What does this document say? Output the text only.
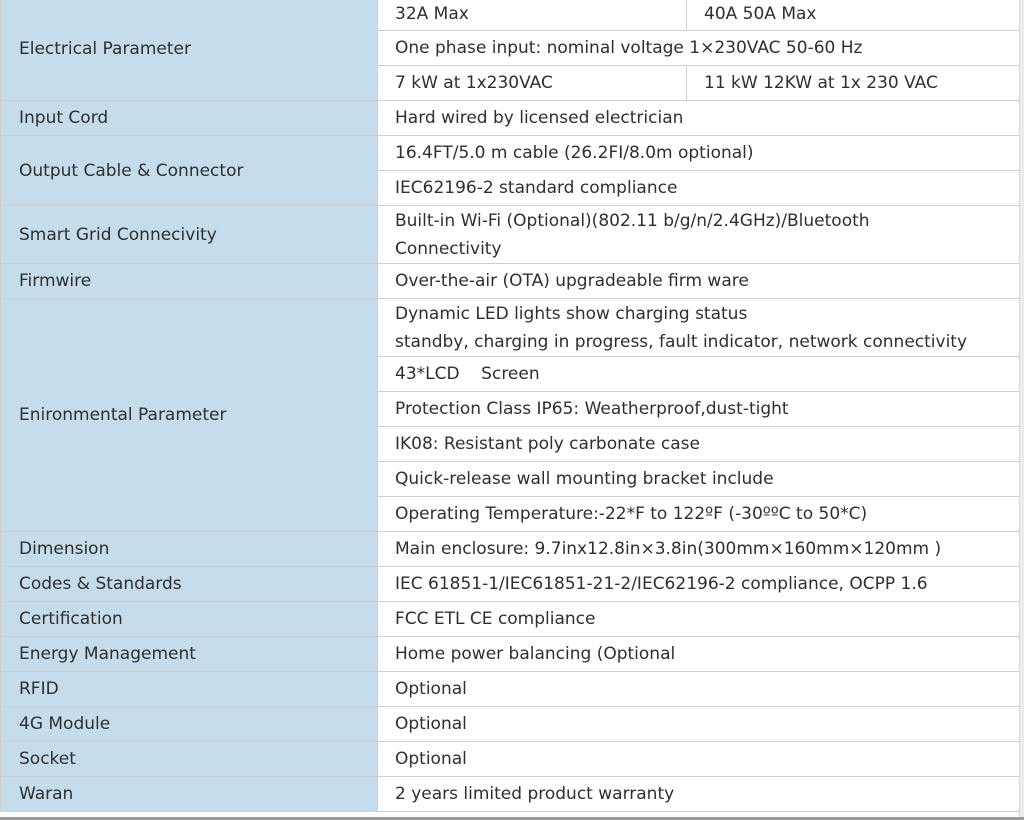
Electrical Parameter	32A Max	40A 50A Max
	One phase input: nominal voltage 1×230VAC 50-60 Hz	
	7 kW at 1x230VAC	11 kW 12KW at 1x 230 VAC
Input Cord	Hard wired by licensed electrician	
Output Cable & Connector	16.4FT/5.0 m cable (26.2FI/8.0m optional)	
	IEC62196-2 standard compliance	
Smart Grid Connecivity	Built-in Wi-Fi (Optional)(802.11 b/g/n/2.4GHz)/Bluetooth
Connectivity	

Firmwire	Over-the-air (OTA) upgradeable firm ware	
Enironmental Parameter	Dynamic LED lights show charging status
standby, charging in progress, fault indicator, network connectivity	

	43*LCD    Screen	
	Protection Class IP65: Weatherproof,dust-tight	
	IK08: Resistant poly carbonate case	
	Quick-release wall mounting bracket include	
	Operating Temperature:-22*F to 122ºF (-30ººC to 50*C)	
Dimension	Main enclosure: 9.7inx12.8in×3.8in(300mm×160mm×120mm )	
Codes & Standards	IEC 61851-1/IEC61851-21-2/IEC62196-2 compliance, OCPP 1.6	
Certification	FCC ETL CE compliance	
Energy Management	Home power balancing (Optional	
RFID	Optional	
4G Module	Optional	
Socket	Optional	
Waran	2 years limited product warranty	
